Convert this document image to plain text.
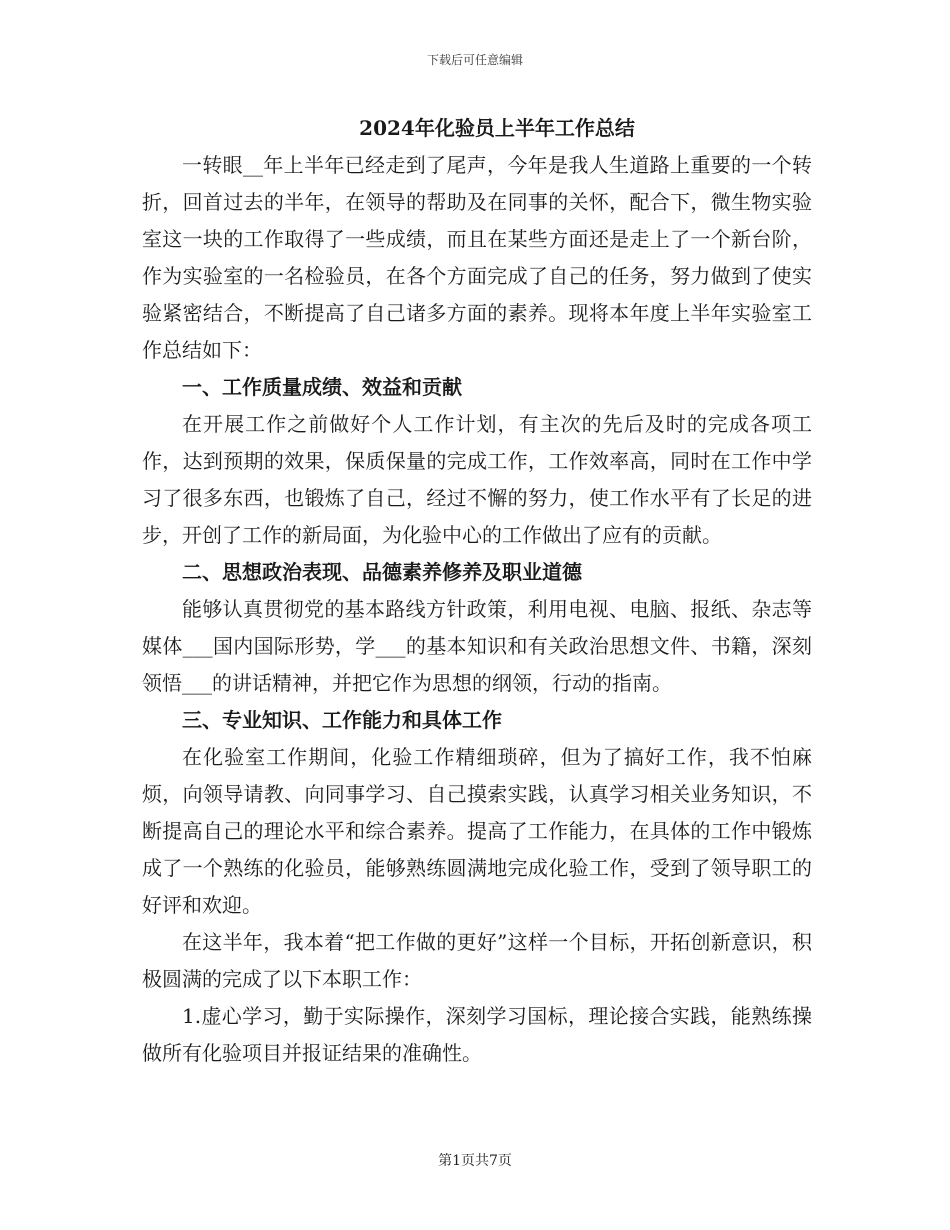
下载后可任意编辑

2024年化验员上半年工作总结

一转眼__年上半年已经走到了尾声，今年是我人生道路上重要的一个转折，回首过去的半年，在领导的帮助及在同事的关怀，配合下，微生物实验室这一块的工作取得了一些成绩，而且在某些方面还是走上了一个新台阶，作为实验室的一名检验员，在各个方面完成了自己的任务，努力做到了使实验紧密结合，不断提高了自己诸多方面的素养。现将本年度上半年实验室工作总结如下：

一、工作质量成绩、效益和贡献

在开展工作之前做好个人工作计划，有主次的先后及时的完成各项工作，达到预期的效果，保质保量的完成工作，工作效率高，同时在工作中学习了很多东西，也锻炼了自己，经过不懈的努力，使工作水平有了长足的进步，开创了工作的新局面，为化验中心的工作做出了应有的贡献。

二、思想政治表现、品德素养修养及职业道德

能够认真贯彻党的基本路线方针政策，利用电视、电脑、报纸、杂志等媒体___国内国际形势，学___的基本知识和有关政治思想文件、书籍，深刻领悟___的讲话精神，并把它作为思想的纲领，行动的指南。

三、专业知识、工作能力和具体工作

在化验室工作期间，化验工作精细琐碎，但为了搞好工作，我不怕麻烦，向领导请教、向同事学习、自己摸索实践，认真学习相关业务知识，不断提高自己的理论水平和综合素养。提高了工作能力，在具体的工作中锻炼成了一个熟练的化验员，能够熟练圆满地完成化验工作，受到了领导职工的好评和欢迎。

在这半年，我本着“把工作做的更好”这样一个目标，开拓创新意识，积极圆满的完成了以下本职工作：

1.虚心学习，勤于实际操作，深刻学习国标，理论接合实践，能熟练操做所有化验项目并报证结果的准确性。

第1页共7页
